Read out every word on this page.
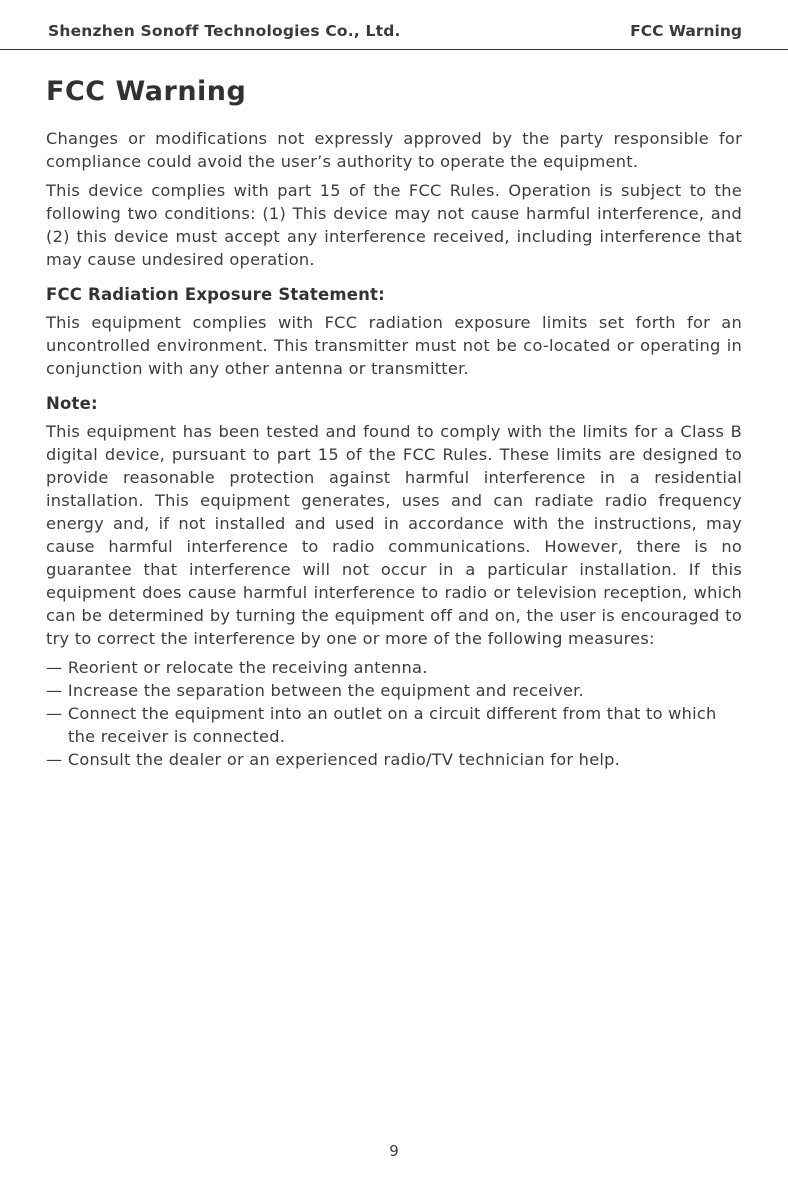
Shenzhen Sonoff Technologies Co., Ltd.	FCC Warning
FCC Warning

Changes or modifications not expressly approved by the party responsible for compliance could avoid the user’s authority to operate the equipment.

This device complies with part 15 of the FCC Rules. Operation is subject to the following two conditions: (1) This device may not cause harmful interference, and (2) this device must accept any interference received, including interference that may cause undesired operation.

FCC Radiation Exposure Statement:

This equipment complies with FCC radiation exposure limits set forth for an uncontrolled environment. This transmitter must not be co-located or operating in conjunction with any other antenna or transmitter.

Note:

This equipment has been tested and found to comply with the limits for a Class B digital device, pursuant to part 15 of the FCC Rules. These limits are designed to provide reasonable protection against harmful interference in a residential installation. This equipment generates, uses and can radiate radio frequency energy and, if not installed and used in accordance with the instructions, may cause harmful interference to radio communications. However, there is no guarantee that interference will not occur in a particular installation. If this equipment does cause harmful interference to radio or television reception, which can be determined by turning the equipment off and on, the user is encouraged to try to correct the interference by one or more of the following measures:

— Reorient or relocate the receiving antenna.
— Increase the separation between the equipment and receiver.
— Connect the equipment into an outlet on a circuit different from that to which the receiver is connected.
— Consult the dealer or an experienced radio/TV technician for help.
9
